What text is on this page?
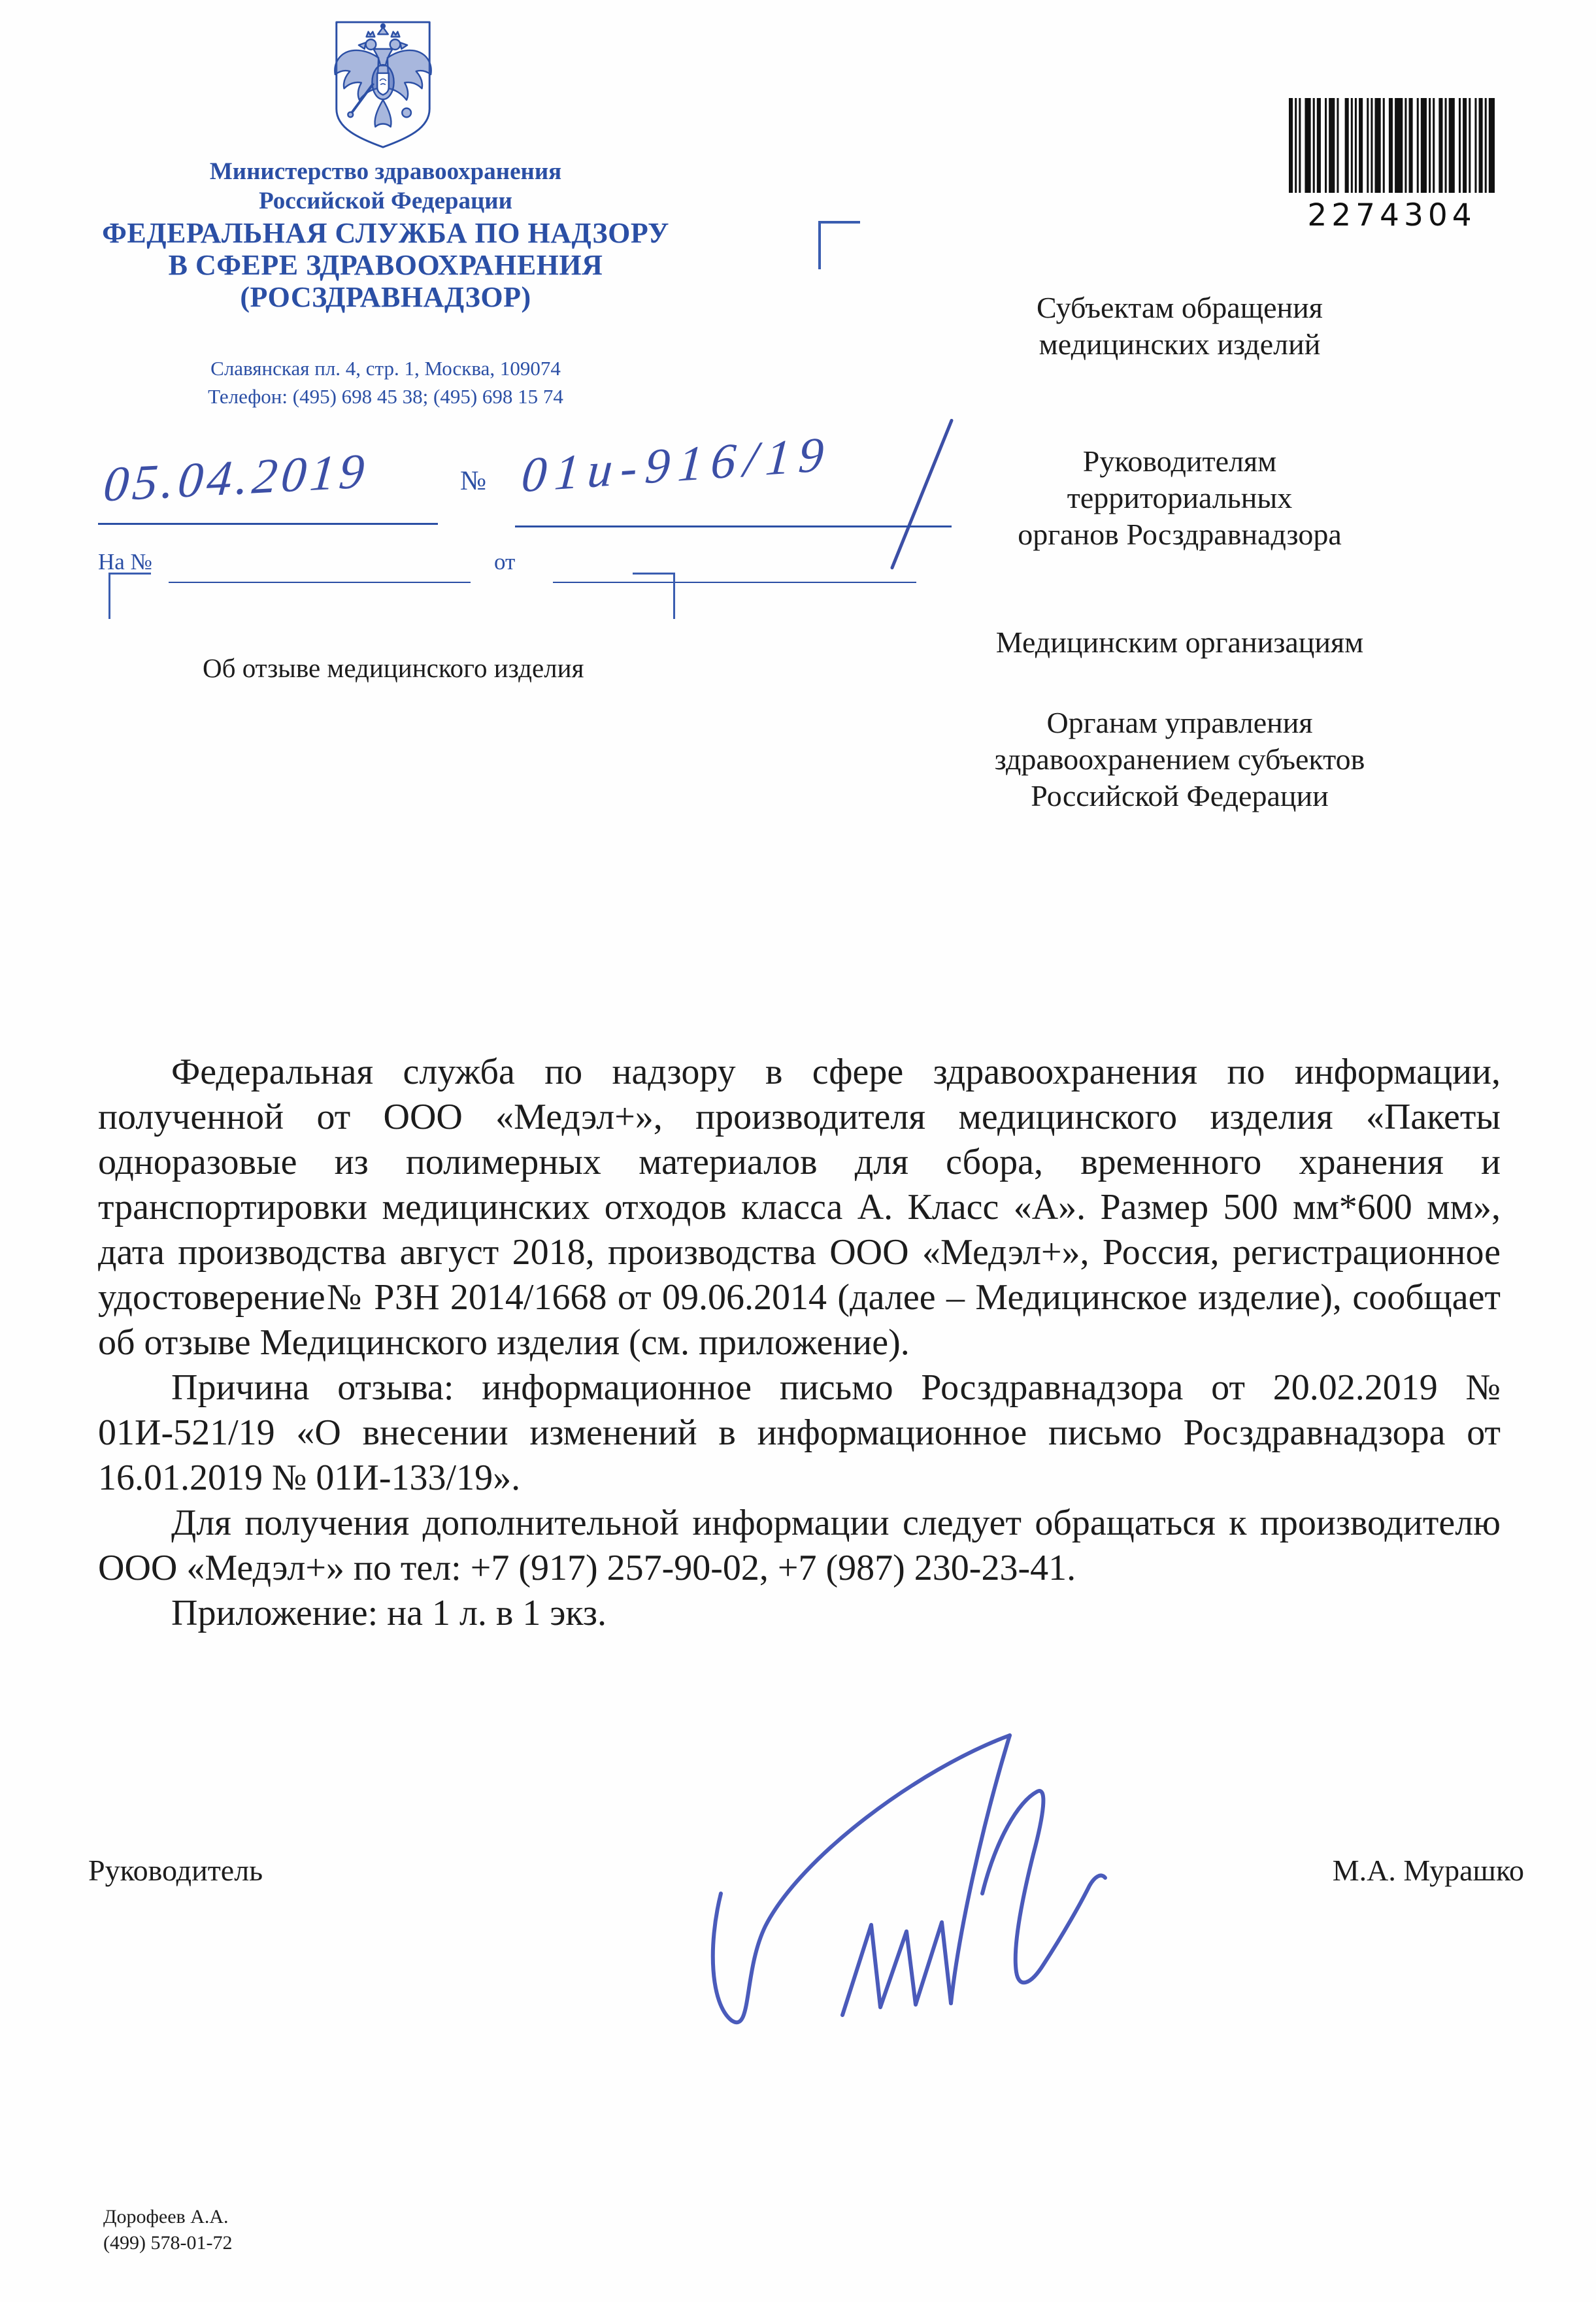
Министерство здравоохранения
Российской Федерации
ФЕДЕРАЛЬНАЯ СЛУЖБА ПО НАДЗОРУ
В СФЕРЕ ЗДРАВООХРАНЕНИЯ
(РОСЗДРАВНАДЗОР)
Славянская пл. 4, стр. 1, Москва, 109074
Телефон: (495) 698 45 38; (495) 698 15 74
05.04.2019	№ 01и-916/19
На №	от
Об отзыве медицинского изделия
2274304
Субъектам обращения
медицинских изделий
Руководителям
территориальных
органов Росздравнадзора
Медицинским организациям
Органам управления
здравоохранением субъектов
Российской Федерации

Федеральная служба по надзору в сфере здравоохранения по информации, полученной от ООО «Медэл+», производителя медицинского изделия «Пакеты одноразовые из полимерных материалов для сбора, временного хранения и транспортировки медицинских отходов класса А. Класс «А». Размер 500 мм*600 мм», дата производства август 2018, производства ООО «Медэл+», Россия, регистрационное удостоверение№ РЗН 2014/1668 от 09.06.2014 (далее – Медицинское изделие), сообщает об отзыве Медицинского изделия (см. приложение).

Причина отзыва: информационное письмо Росздравнадзора от 20.02.2019 № 01И-521/19 «О внесении изменений в информационное письмо Росздравнадзора от 16.01.2019 № 01И-133/19».

Для получения дополнительной информации следует обращаться к производителю ООО «Медэл+» по тел: +7 (917) 257-90-02, +7 (987) 230-23-41.

Приложение: на 1 л. в 1 экз.

Руководитель	М.А. Мурашко
Дорофеев А.А.
(499) 578-01-72
